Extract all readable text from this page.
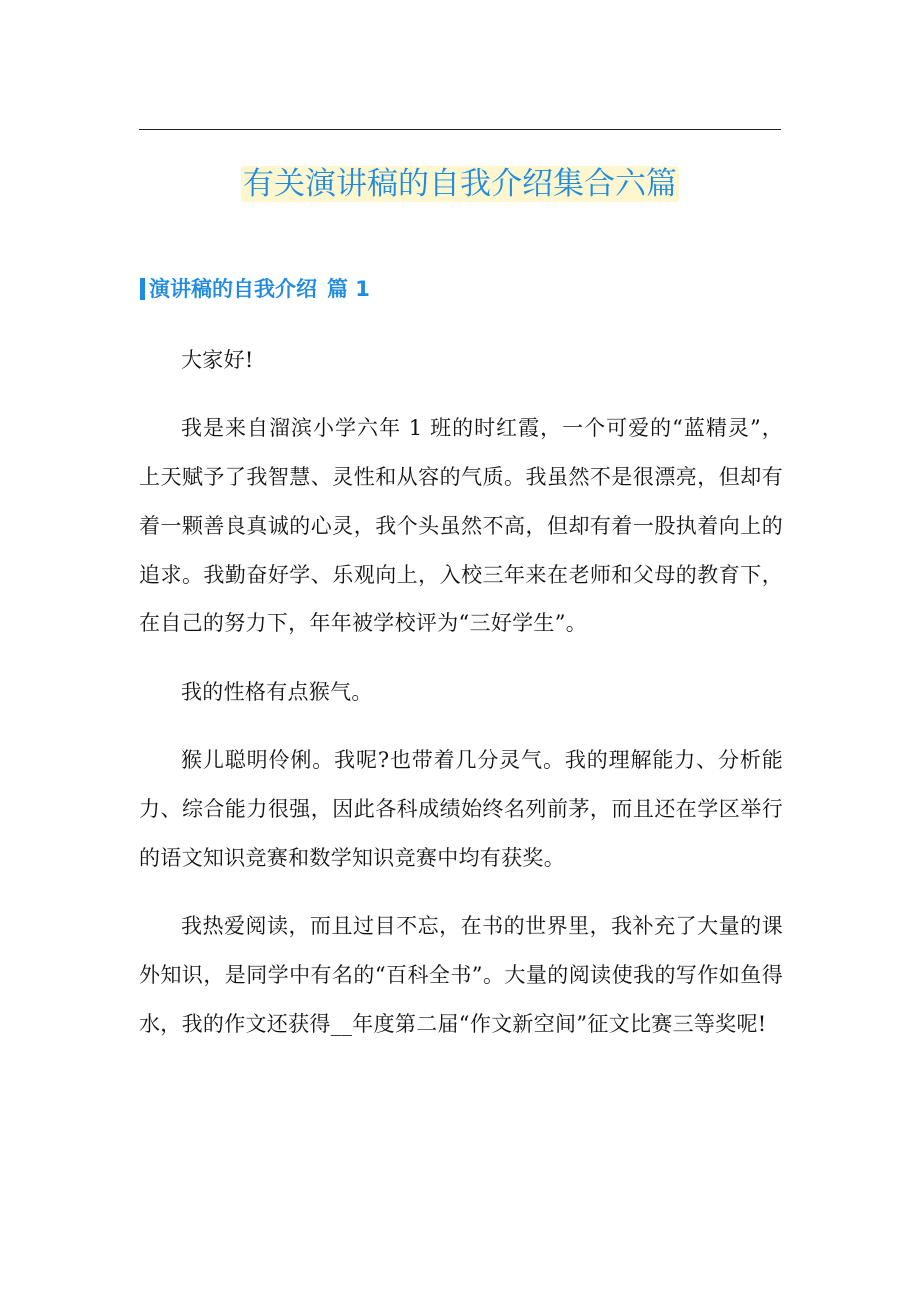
有关演讲稿的自我介绍集合六篇
演讲稿的自我介绍 篇 1

大家好!

我是来自溜滨小学六年 1 班的时红霞，一个可爱的“蓝精灵”，上天赋予了我智慧、灵性和从容的气质。我虽然不是很漂亮，但却有着一颗善良真诚的心灵，我个头虽然不高，但却有着一股执着向上的追求。我勤奋好学、乐观向上，入校三年来在老师和父母的教育下，在自己的努力下，年年被学校评为“三好学生”。

我的性格有点猴气。

猴儿聪明伶俐。我呢?也带着几分灵气。我的理解能力、分析能力、综合能力很强，因此各科成绩始终名列前茅，而且还在学区举行的语文知识竞赛和数学知识竞赛中均有获奖。

我热爱阅读，而且过目不忘，在书的世界里，我补充了大量的课外知识，是同学中有名的“百科全书”。大量的阅读使我的写作如鱼得水，我的作文还获得__年度第二届“作文新空间”征文比赛三等奖呢!
